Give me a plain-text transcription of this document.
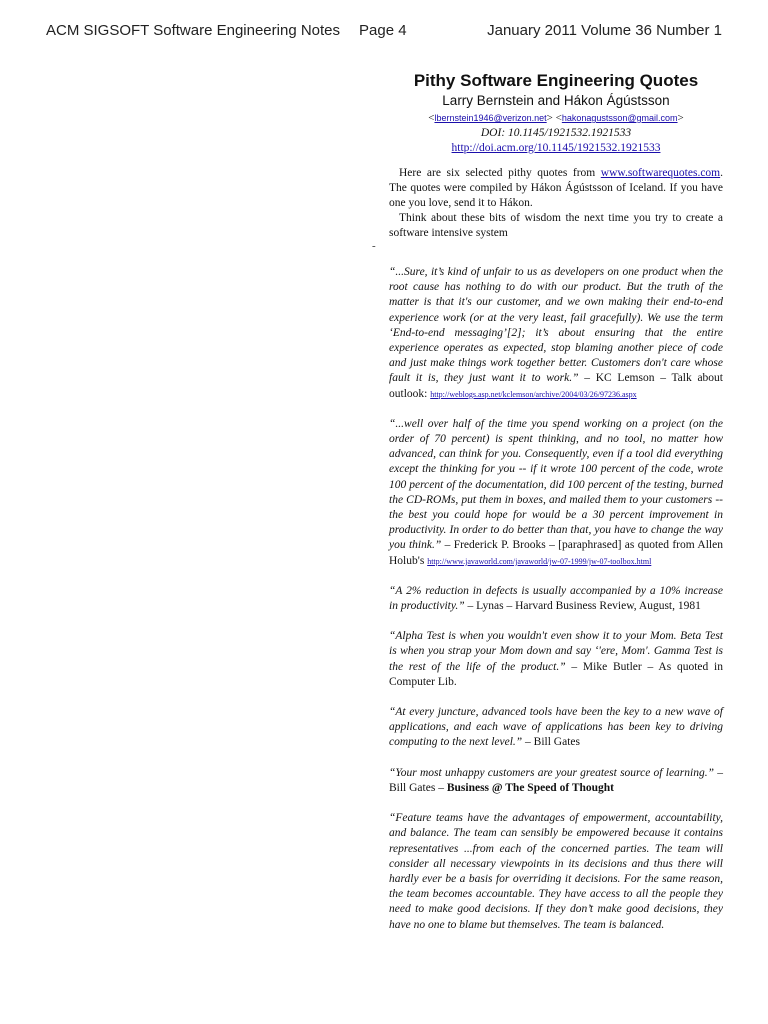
ACM SIGSOFT Software Engineering Notes Page 4	January 2011 Volume 36 Number 1
-
Pithy Software Engineering Quotes
Larry Bernstein and Hákon Ágústsson
<lbernstein1946@verizon.net> <hakonagustsson@gmail.com>
DOI: 10.1145/1921532.1921533
http://doi.acm.org/10.1145/1921532.1921533

Here are six selected pithy quotes from www.softwarequotes.com. The quotes were compiled by Hákon Ágústsson of Iceland. If you have one you love, send it to Hákon.

Think about these bits of wisdom the next time you try to create a software intensive system

“...Sure, it’s kind of unfair to us as developers on one product when the root cause has nothing to do with our product. But the truth of the matter is that it's our customer, and we own making their end-to-end experience work (or at the very least, fail gracefully). We use the term ‘End-to-end messaging’[2]; it’s about ensuring that the entire experience operates as expected, stop blaming another piece of code and just make things work together better. Customers don't care whose fault it is, they just want it to work.” – KC Lemson – Talk about outlook: http://weblogs.asp.net/kclemson/archive/2004/03/26/97236.aspx

“...well over half of the time you spend working on a project (on the order of 70 percent) is spent thinking, and no tool, no matter how advanced, can think for you. Consequently, even if a tool did everything except the thinking for you -- if it wrote 100 percent of the code, wrote 100 percent of the documentation, did 100 percent of the testing, burned the CD-ROMs, put them in boxes, and mailed them to your customers -- the best you could hope for would be a 30 percent improvement in productivity. In order to do better than that, you have to change the way you think.” – Frederick P. Brooks – [paraphrased] as quoted from Allen Holub's http://www.javaworld.com/javaworld/jw-07-1999/jw-07-toolbox.html

“A 2% reduction in defects is usually accompanied by a 10% increase in productivity.” – Lynas – Harvard Business Review, August, 1981

“Alpha Test is when you wouldn't even show it to your Mom. Beta Test is when you strap your Mom down and say ‘'ere, Mom'. Gamma Test is the rest of the life of the product.” – Mike Butler – As quoted in Computer Lib.

“At every juncture, advanced tools have been the key to a new wave of applications, and each wave of applications has been key to driving computing to the next level.” – Bill Gates

“Your most unhappy customers are your greatest source of learning.” – Bill Gates – Business @ The Speed of Thought

“Feature teams have the advantages of empowerment, accountability, and balance. The team can sensibly be empowered because it contains representatives ...from each of the concerned parties. The team will consider all necessary viewpoints in its decisions and thus there will hardly ever be a basis for overriding it decisions. For the same reason, the team becomes accountable. They have access to all the people they need to make good decisions. If they don’t make good decisions, they have no one to blame but themselves. The team is balanced.
